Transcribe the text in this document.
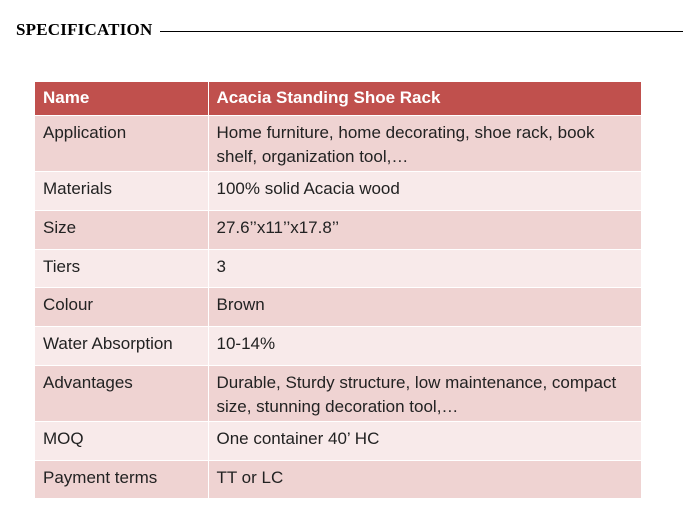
SPECIFICATION
Name	Acacia Standing Shoe Rack
Application	Home furniture, home decorating, shoe rack, book shelf, organization tool,…
Materials	100% solid Acacia wood
Size	27.6’’x11’’x17.8’’
Tiers	3
Colour	Brown
Water Absorption	10-14%
Advantages	Durable, Sturdy structure, low maintenance, compact size, stunning decoration tool,…
MOQ	One container 40’ HC
Payment terms	TT or LC
